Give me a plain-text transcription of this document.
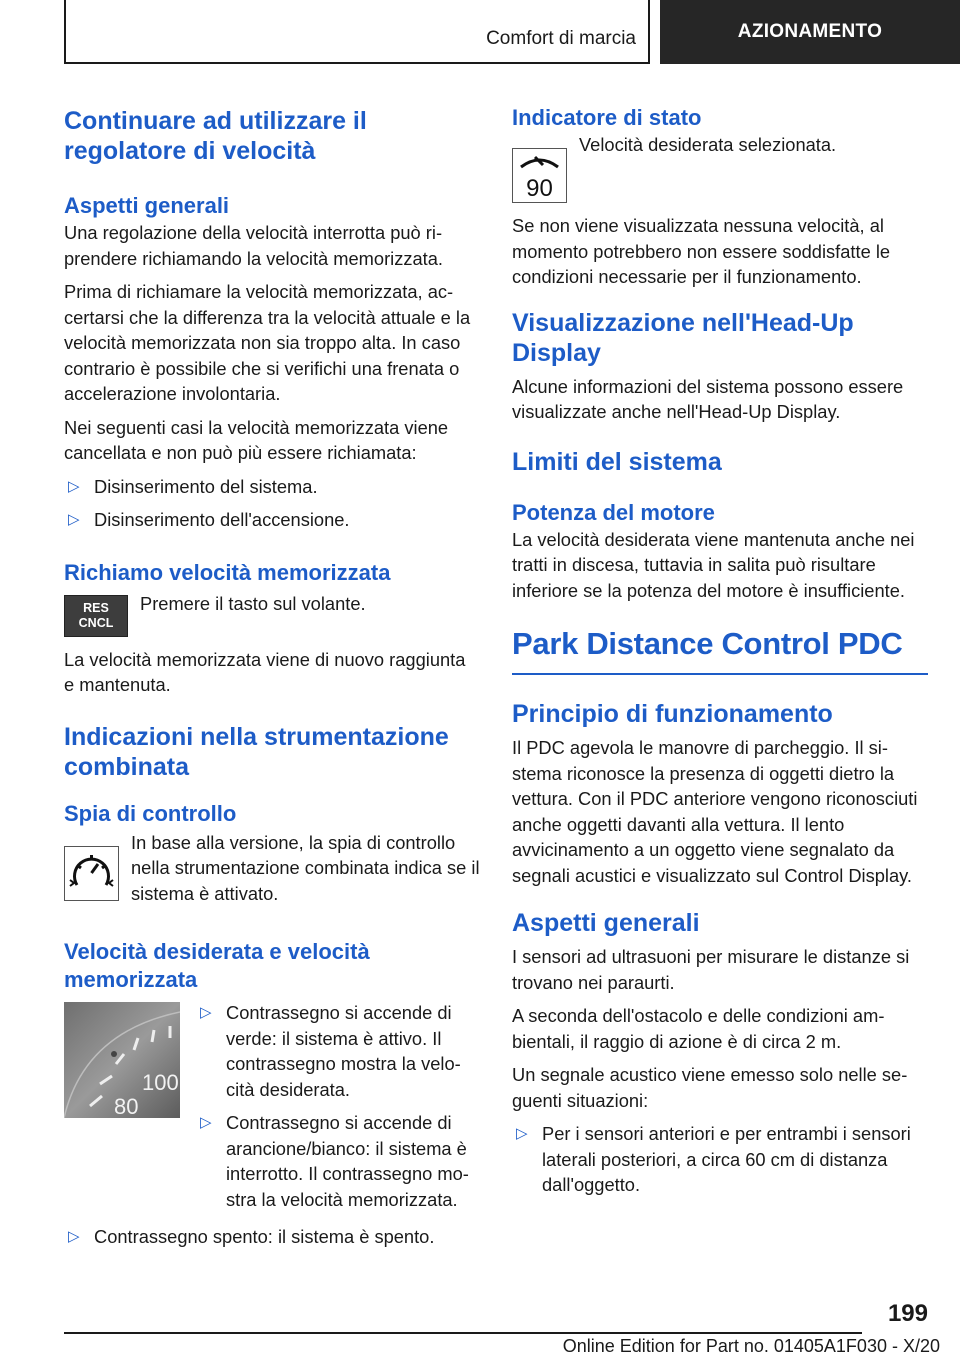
Comfort di marcia	AZIONAMENTO
Continuare ad utilizzare il regolatore di velocità
Aspetti generali

Una regolazione della velocità interrotta può riprendere richiamando la velocità memorizzata.

Prima di richiamare la velocità memorizzata, accertarsi che la differenza tra la velocità attuale e la velocità memorizzata non sia troppo alta. In caso contrario è possibile che si verifichi una frenata o accelerazione involontaria.

Nei seguenti casi la velocità memorizzata viene cancellata e non può più essere richiamata:

▷ Disinserimento del sistema.
▷ Disinserimento dell'accensione.
Richiamo velocità memorizzata
RES
CNCL

Premere il tasto sul volante.

La velocità memorizzata viene di nuovo raggiunta e mantenuta.

Indicazioni nella strumentazione combinata
Spia di controllo

In base alla versione, la spia di controllo nella strumentazione combinata indica se il sistema è attivato.

Velocità desiderata e velocità memorizzata
100
80
▷ Contrassegno si accende di verde: il sistema è attivo. Il contrassegno mostra la velocità desiderata.
▷ Contrassegno si accende di arancione/bianco: il sistema è interrotto. Il contrassegno mostra la velocità memorizzata.
▷ Contrassegno spento: il sistema è spento.
Indicatore di stato
90

Velocità desiderata selezionata.

Se non viene visualizzata nessuna velocità, al momento potrebbero non essere soddisfatte le condizioni necessarie per il funzionamento.

Visualizzazione nell'Head-Up Display

Alcune informazioni del sistema possono essere visualizzate anche nell'Head-Up Display.

Limiti del sistema
Potenza del motore

La velocità desiderata viene mantenuta anche nei tratti in discesa, tuttavia in salita può risultare inferiore se la potenza del motore è insufficiente.

Park Distance Control PDC
Principio di funzionamento

Il PDC agevola le manovre di parcheggio. Il sistema riconosce la presenza di oggetti dietro la vettura. Con il PDC anteriore vengono riconosciuti anche oggetti davanti alla vettura. Il lento avvicinamento a un oggetto viene segnalato da segnali acustici e visualizzato sul Control Display.

Aspetti generali

I sensori ad ultrasuoni per misurare le distanze si trovano nei paraurti.

A seconda dell'ostacolo e delle condizioni ambientali, il raggio di azione è di circa 2 m.

Un segnale acustico viene emesso solo nelle seguenti situazioni:

▷ Per i sensori anteriori e per entrambi i sensori laterali posteriori, a circa 60 cm di distanza dall'oggetto.
199
Online Edition for Part no. 01405A1F030 - X/20
